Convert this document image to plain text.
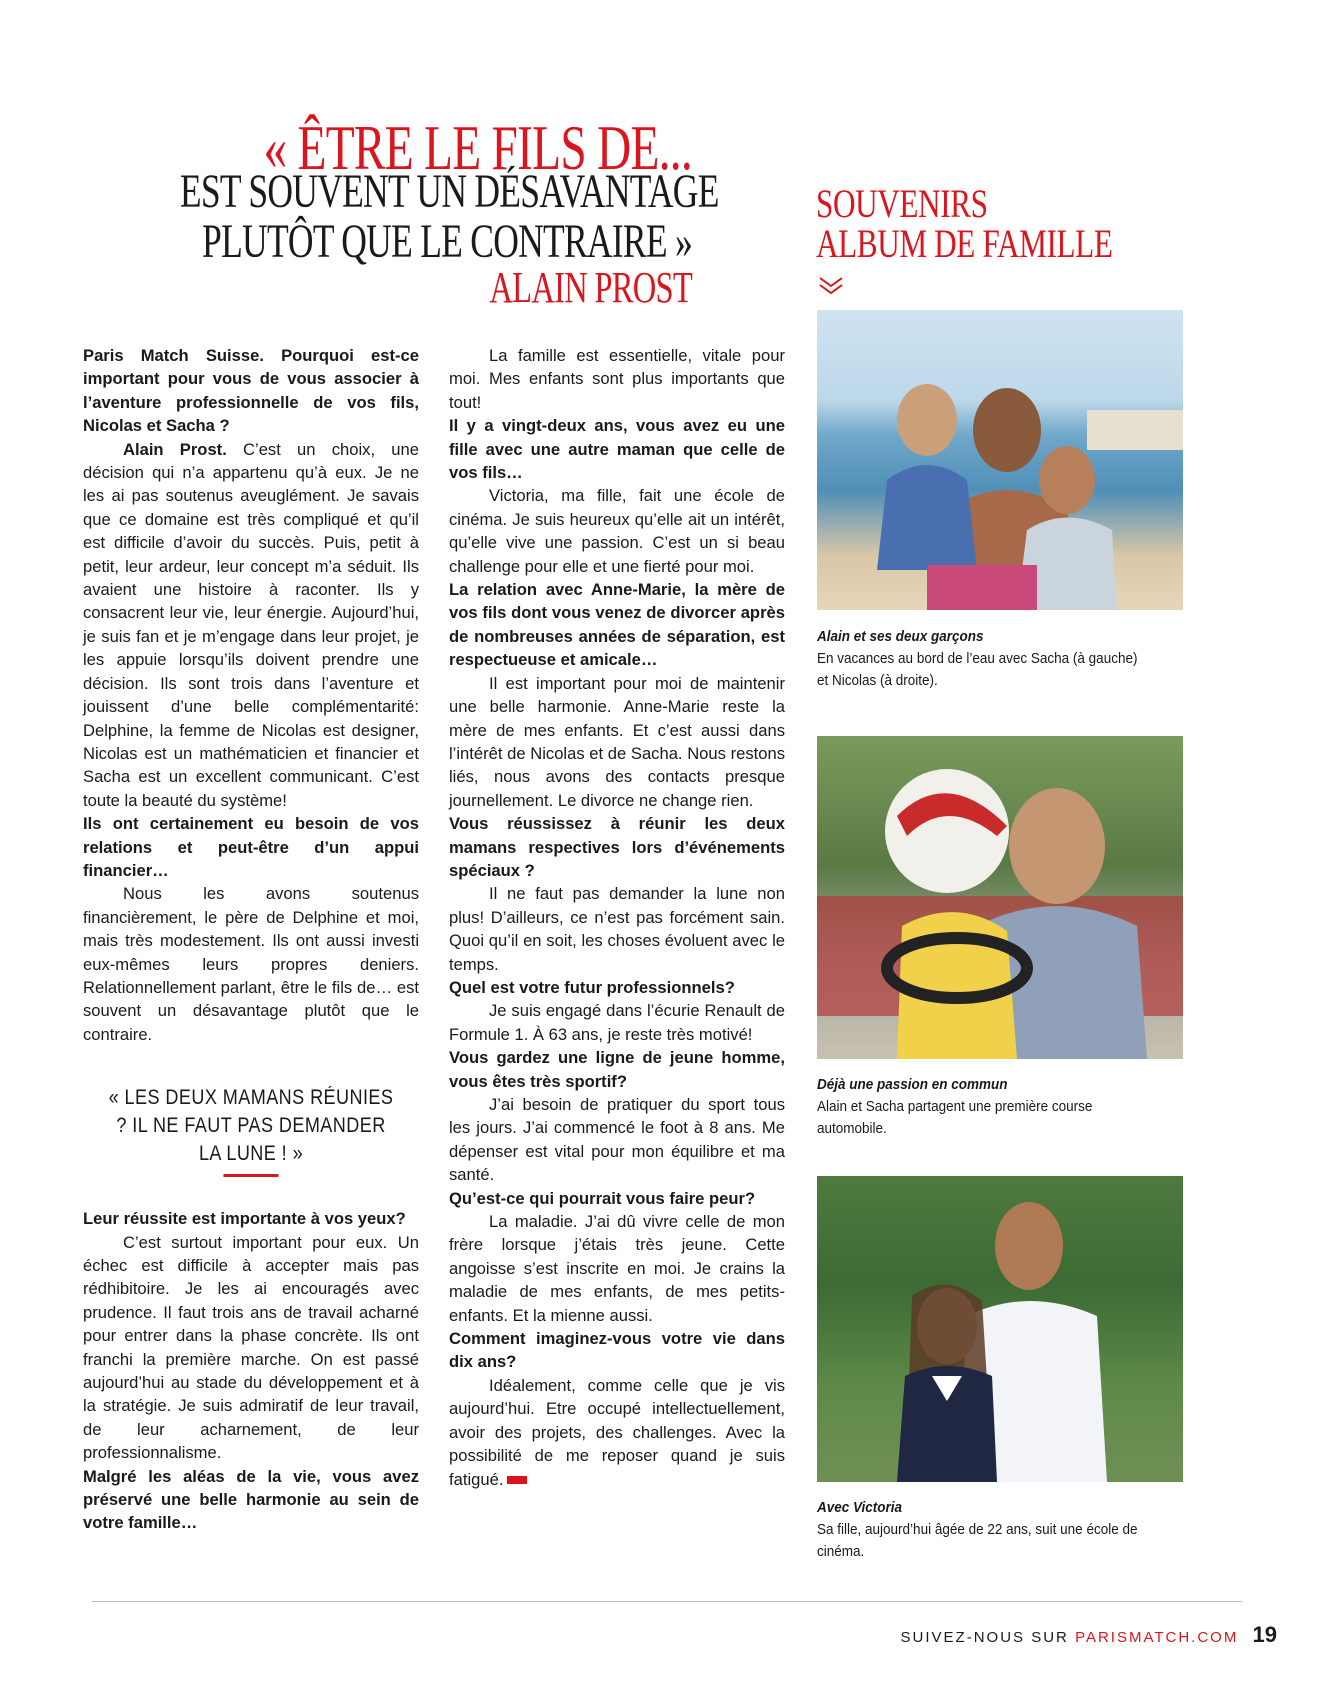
« ÊTRE LE FILS DE...
EST SOUVENT UN DÉSAVANTAGE
PLUTÔT QUE LE CONTRAIRE »
ALAIN PROST
SOUVENIRS
ALBUM DE FAMILLE

Paris Match Suisse. Pourquoi est-ce important pour vous de vous associer à l’aventure professionnelle de vos fils, Nicolas et Sacha ?

Alain Prost. C’est un choix, une décision qui n’a appartenu qu’à eux. Je ne les ai pas soutenus aveuglément. Je savais que ce domaine est très compliqué et qu’il est difficile d’avoir du succès. Puis, petit à petit, leur ardeur, leur concept m’a séduit. Ils avaient une histoire à raconter. Ils y consacrent leur vie, leur énergie. Aujourd’hui, je suis fan et je m’engage dans leur projet, je les appuie lorsqu’ils doivent prendre une décision. Ils sont trois dans l’aventure et jouissent d’une belle complémentarité: Delphine, la femme de Nicolas est designer, Nicolas est un mathématicien et financier et Sacha est un excellent communicant. C’est toute la beauté du système!

Ils ont certainement eu besoin de vos relations et peut-être d’un appui financier…

Nous les avons soutenus financièrement, le père de Delphine et moi, mais très modestement. Ils ont aussi investi eux-mêmes leurs propres deniers. Relationnellement parlant, être le fils de… est souvent un désavantage plutôt que le contraire.

« LES DEUX MAMANS RÉUNIES ? IL NE FAUT PAS DEMANDER LA LUNE ! »

Leur réussite est importante à vos yeux?

C’est surtout important pour eux. Un échec est difficile à accepter mais pas rédhibitoire. Je les ai encouragés avec prudence. Il faut trois ans de travail acharné pour entrer dans la phase concrète. Ils ont franchi la première marche. On est passé aujourd’hui au stade du développement et à la stratégie. Je suis admiratif de leur travail, de leur acharnement, de leur professionnalisme.

Malgré les aléas de la vie, vous avez préservé une belle harmonie au sein de votre famille…

La famille est essentielle, vitale pour moi. Mes enfants sont plus importants que tout!

Il y a vingt-deux ans, vous avez eu une fille avec une autre maman que celle de vos fils…

Victoria, ma fille, fait une école de cinéma. Je suis heureux qu’elle ait un intérêt, qu’elle vive une passion. C’est un si beau challenge pour elle et une fierté pour moi.

La relation avec Anne-Marie, la mère de vos fils dont vous venez de divorcer après de nombreuses années de séparation, est respectueuse et amicale…

Il est important pour moi de maintenir une belle harmonie. Anne-Marie reste la mère de mes enfants. Et c’est aussi dans l’intérêt de Nicolas et de Sacha. Nous restons liés, nous avons des contacts presque journellement. Le divorce ne change rien.

Vous réussissez à réunir les deux mamans respectives lors d’événements spéciaux ?

Il ne faut pas demander la lune non plus! D’ailleurs, ce n’est pas forcément sain. Quoi qu’il en soit, les choses évoluent avec le temps.

Quel est votre futur professionnels?

Je suis engagé dans l’écurie Renault de Formule 1. À 63 ans, je reste très motivé!

Vous gardez une ligne de jeune homme, vous êtes très sportif?

J’ai besoin de pratiquer du sport tous les jours. J’ai commencé le foot à 8 ans. Me dépenser est vital pour mon équilibre et ma santé.

Qu’est-ce qui pourrait vous faire peur?

La maladie. J’ai dû vivre celle de mon frère lorsque j’étais très jeune. Cette angoisse s’est inscrite en moi. Je crains la maladie de mes enfants, de mes petits-enfants. Et la mienne aussi.

Comment imaginez-vous votre vie dans dix ans?

Idéalement, comme celle que je vis aujourd’hui. Etre occupé intellectuellement, avoir des projets, des challenges. Avec la possibilité de me reposer quand je suis fatigué.

Alain et ses deux garçons
En vacances au bord de l’eau avec Sacha (à gauche) et Nicolas (à droite).
Déjà une passion en commun
Alain et Sacha partagent une première course automobile.
Avec Victoria
Sa fille, aujourd’hui âgée de 22 ans, suit une école de cinéma.
SUIVEZ-NOUS SUR PARISMATCH.COM 19
